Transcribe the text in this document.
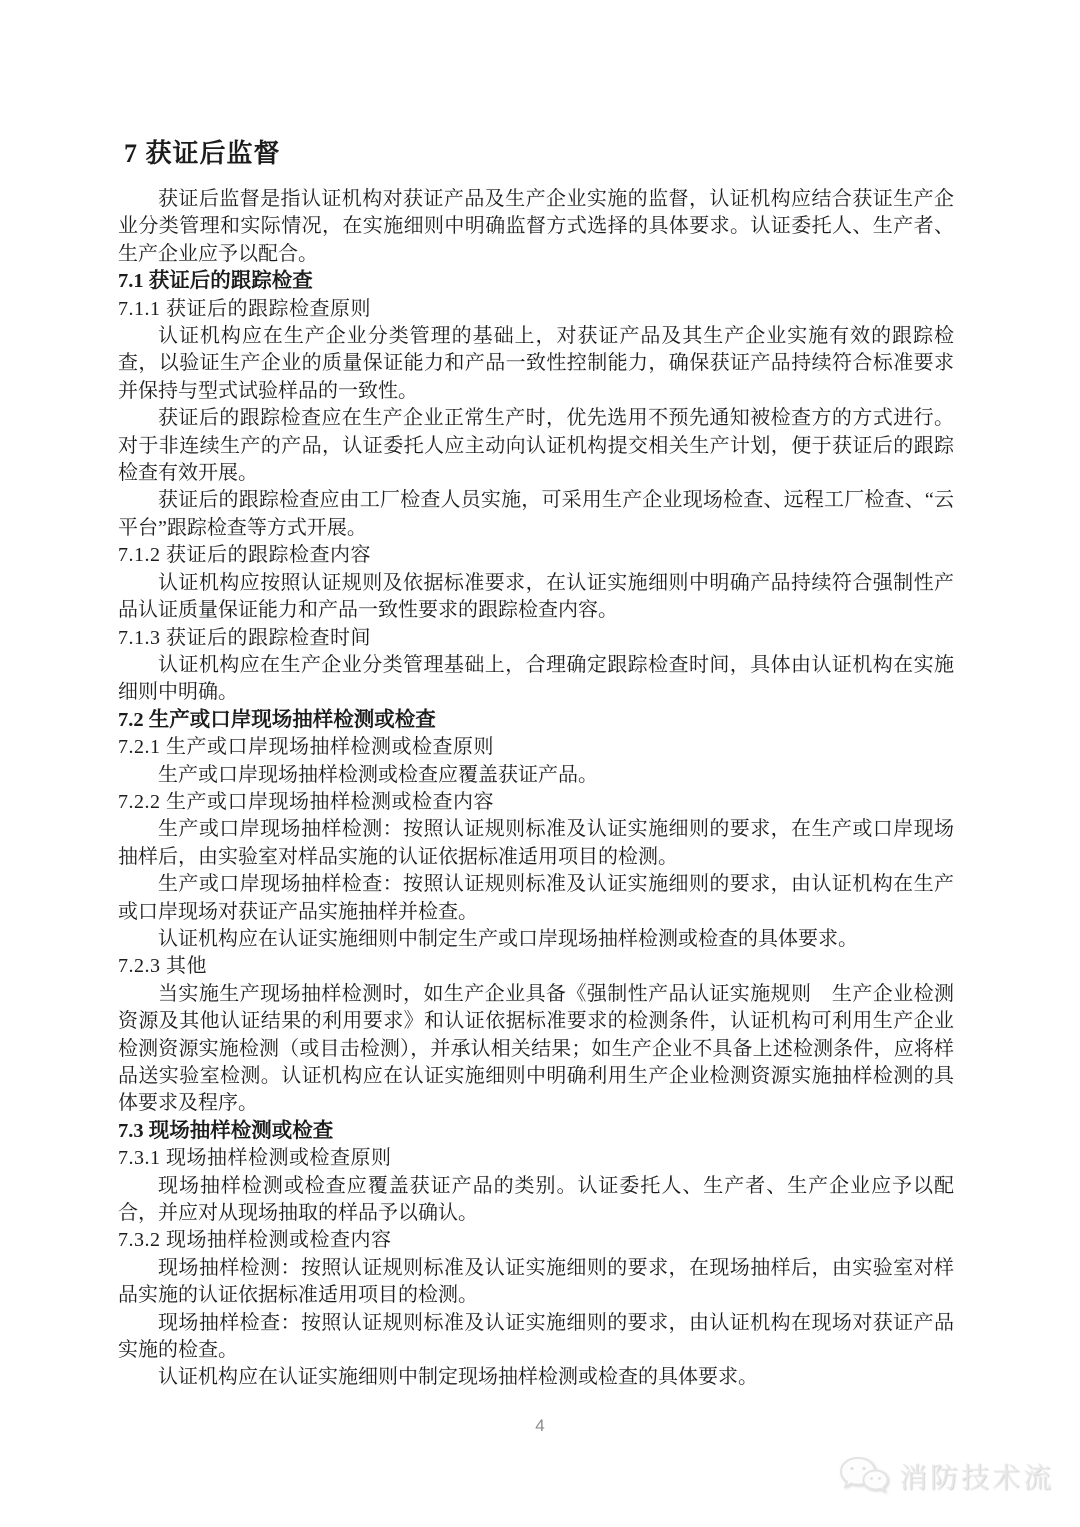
7 获证后监督

获证后监督是指认证机构对获证产品及生产企业实施的监督，认证机构应结合获证生产企业分类管理和实际情况，在实施细则中明确监督方式选择的具体要求。认证委托人、生产者、生产企业应予以配合。

7.1 获证后的跟踪检查

7.1.1 获证后的跟踪检查原则

认证机构应在生产企业分类管理的基础上，对获证产品及其生产企业实施有效的跟踪检查，以验证生产企业的质量保证能力和产品一致性控制能力，确保获证产品持续符合标准要求并保持与型式试验样品的一致性。

获证后的跟踪检查应在生产企业正常生产时，优先选用不预先通知被检查方的方式进行。对于非连续生产的产品，认证委托人应主动向认证机构提交相关生产计划，便于获证后的跟踪检查有效开展。

获证后的跟踪检查应由工厂检查人员实施，可采用生产企业现场检查、远程工厂检查、“云平台”跟踪检查等方式开展。

7.1.2 获证后的跟踪检查内容

认证机构应按照认证规则及依据标准要求，在认证实施细则中明确产品持续符合强制性产品认证质量保证能力和产品一致性要求的跟踪检查内容。

7.1.3 获证后的跟踪检查时间

认证机构应在生产企业分类管理基础上，合理确定跟踪检查时间，具体由认证机构在实施细则中明确。

7.2 生产或口岸现场抽样检测或检查

7.2.1 生产或口岸现场抽样检测或检查原则

生产或口岸现场抽样检测或检查应覆盖获证产品。

7.2.2 生产或口岸现场抽样检测或检查内容

生产或口岸现场抽样检测：按照认证规则标准及认证实施细则的要求，在生产或口岸现场抽样后，由实验室对样品实施的认证依据标准适用项目的检测。

生产或口岸现场抽样检查：按照认证规则标准及认证实施细则的要求，由认证机构在生产或口岸现场对获证产品实施抽样并检查。

认证机构应在认证实施细则中制定生产或口岸现场抽样检测或检查的具体要求。

7.2.3 其他

当实施生产现场抽样检测时，如生产企业具备《强制性产品认证实施规则　生产企业检测资源及其他认证结果的利用要求》和认证依据标准要求的检测条件，认证机构可利用生产企业检测资源实施检测（或目击检测），并承认相关结果；如生产企业不具备上述检测条件，应将样品送实验室检测。认证机构应在认证实施细则中明确利用生产企业检测资源实施抽样检测的具体要求及程序。

7.3 现场抽样检测或检查

7.3.1 现场抽样检测或检查原则

现场抽样检测或检查应覆盖获证产品的类别。认证委托人、生产者、生产企业应予以配合，并应对从现场抽取的样品予以确认。

7.3.2 现场抽样检测或检查内容

现场抽样检测：按照认证规则标准及认证实施细则的要求，在现场抽样后，由实验室对样品实施的认证依据标准适用项目的检测。

现场抽样检查：按照认证规则标准及认证实施细则的要求，由认证机构在现场对获证产品实施的检查。

认证机构应在认证实施细则中制定现场抽样检测或检查的具体要求。

4
消防技术流
